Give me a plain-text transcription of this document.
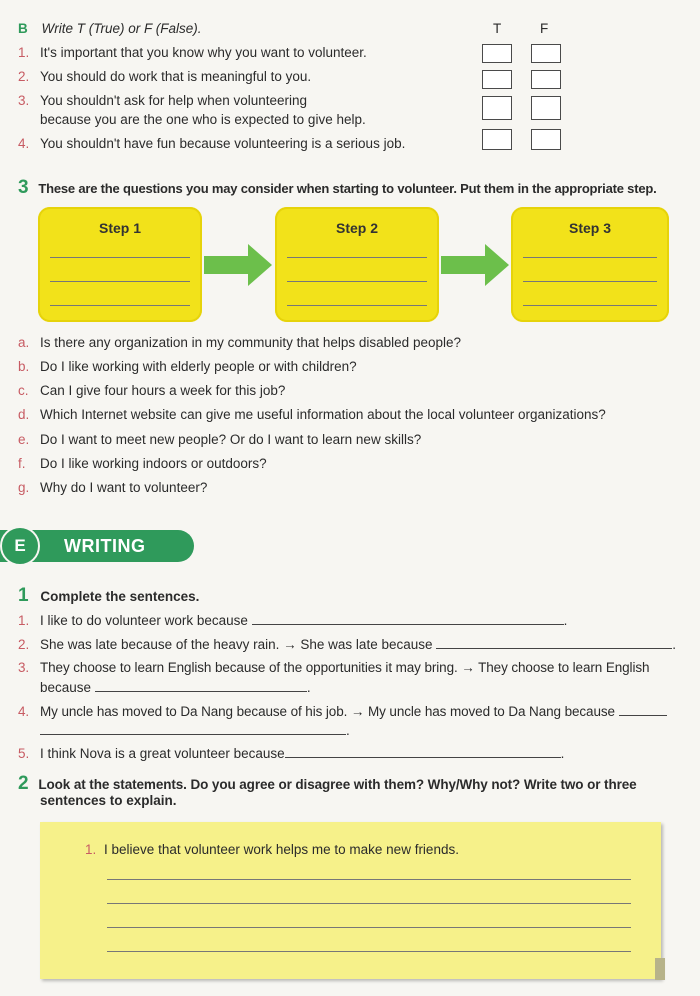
B Write T (True) or F (False).	T	F
1. It's important that you know why you want to volunteer.
2. You should do work that is meaningful to you.
3. You shouldn't ask for help when volunteering
because you are the one who is expected to give help.
4. You shouldn't have fun because volunteering is a serious job.
3 These are the questions you may consider when starting to volunteer. Put them in the appropriate step.
Step 1	Step 2	Step 3
a. Is there any organization in my community that helps disabled people?
b. Do I like working with elderly people or with children?
c. Can I give four hours a week for this job?
d. Which Internet website can give me useful information about the local volunteer organizations?
e. Do I want to meet new people? Or do I want to learn new skills?
f. Do I like working indoors or outdoors?
g. Why do I want to volunteer?
E	WRITING
1 Complete the sentences.
1. I like to do volunteer work because	.
2. She was late because of the heavy rain. → She was late because	.
3. They choose to learn English because of the opportunities it may bring. → They choose to learn English
because	.
4. My uncle has moved to Da Nang because of his job. → My uncle has moved to Da Nang because
.
5. I think Nova is a great volunteer because	.
2 Look at the statements. Do you agree or disagree with them? Why/Why not? Write two or three
sentences to explain.
1. I believe that volunteer work helps me to make new friends.
